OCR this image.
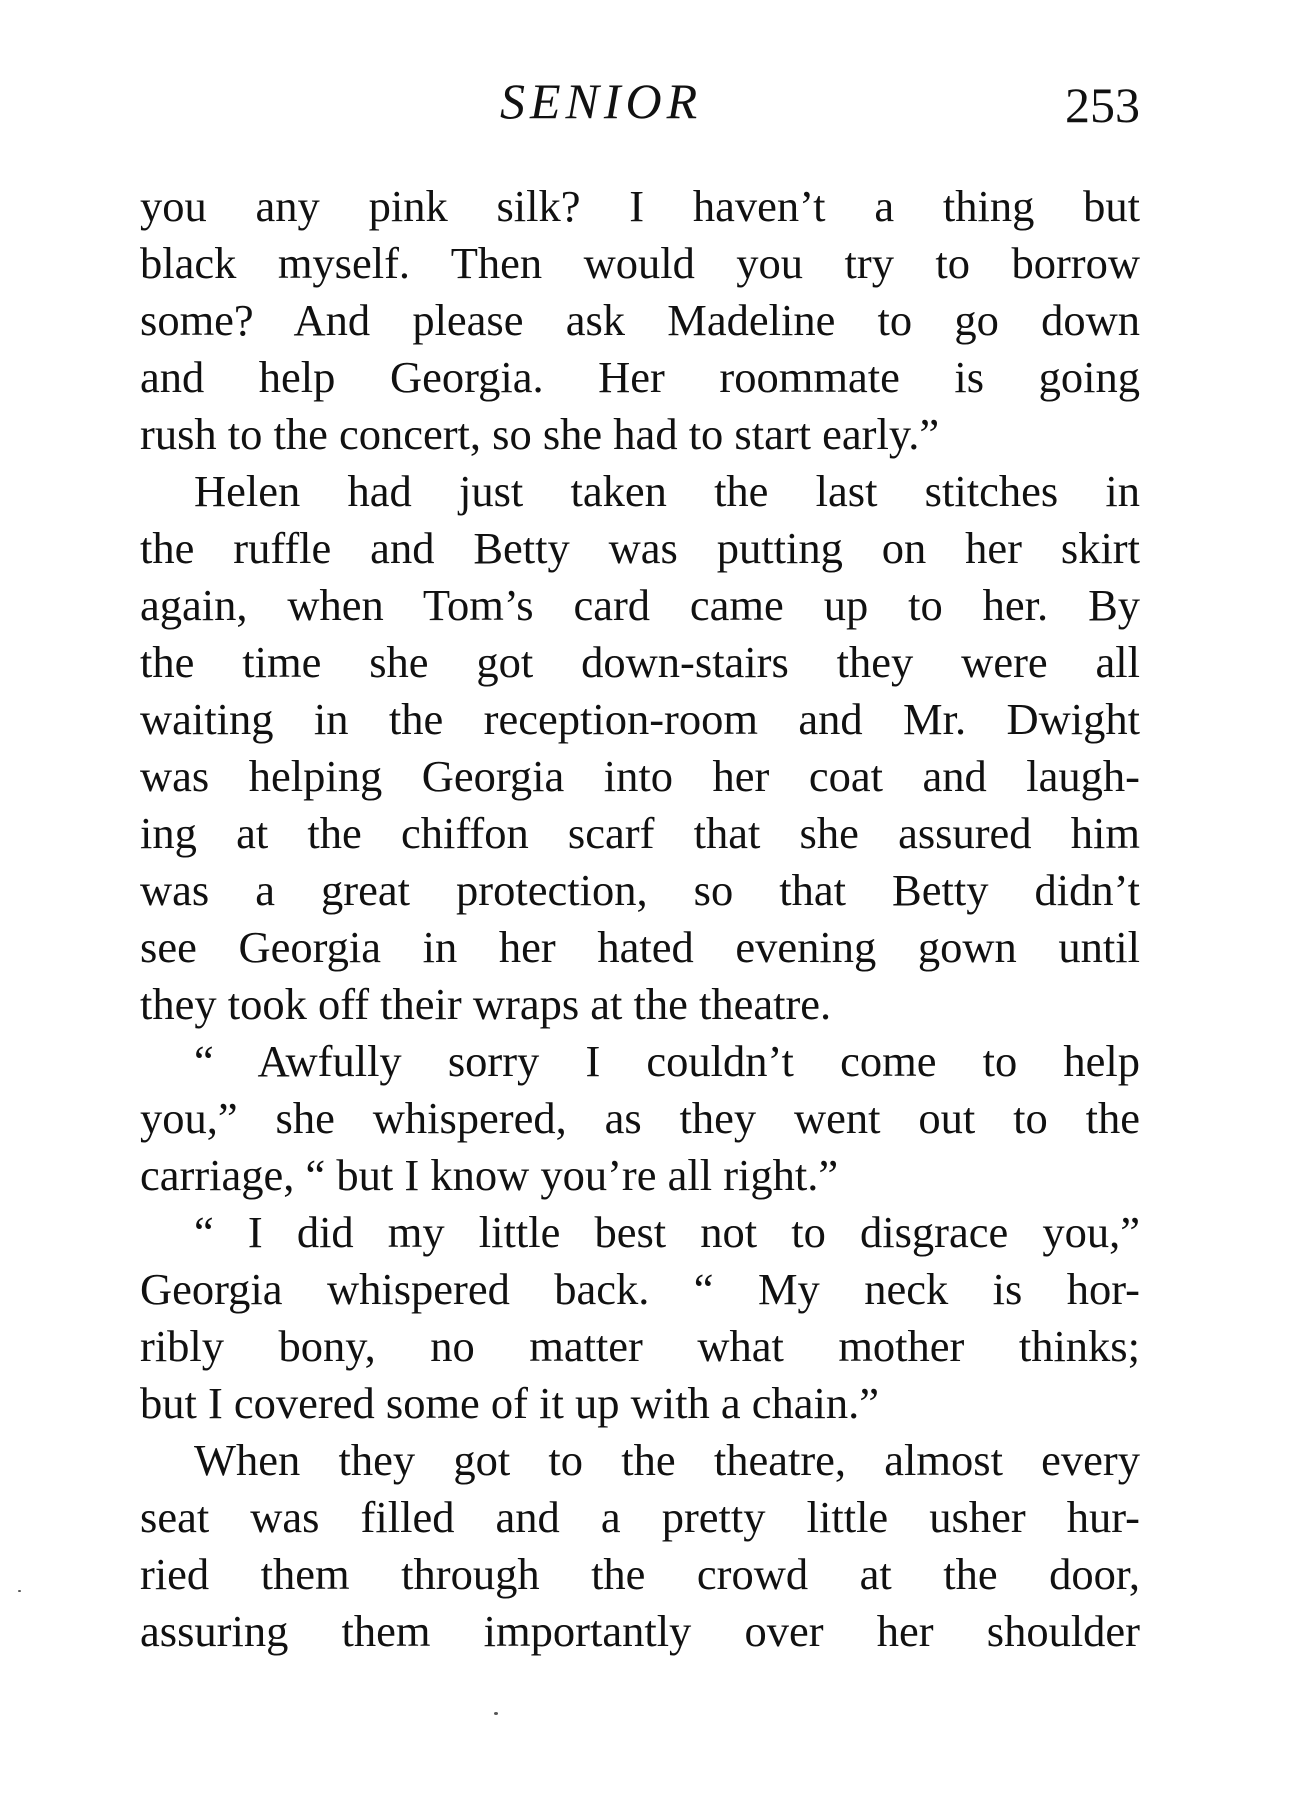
SENIOR	253
you any pink silk? I haven’t a thing but
black myself. Then would you try to borrow
some? And please ask Madeline to go down
and help Georgia. Her roommate is going
rush to the concert, so she had to start early.”
Helen had just taken the last stitches in
the ruffle and Betty was putting on her skirt
again, when Tom’s card came up to her. By
the time she got down-stairs they were all
waiting in the reception-room and Mr. Dwight
was helping Georgia into her coat and laugh-
ing at the chiffon scarf that she assured him
was a great protection, so that Betty didn’t
see Georgia in her hated evening gown until
they took off their wraps at the theatre.
“ Awfully sorry I couldn’t come to help
you,” she whispered, as they went out to the
carriage, “ but I know you’re all right.”
“ I did my little best not to disgrace you,”
Georgia whispered back. “ My neck is hor-
ribly bony, no matter what mother thinks;
but I covered some of it up with a chain.”
When they got to the theatre, almost every
seat was filled and a pretty little usher hur-
ried them through the crowd at the door,
assuring them importantly over her shoulder
